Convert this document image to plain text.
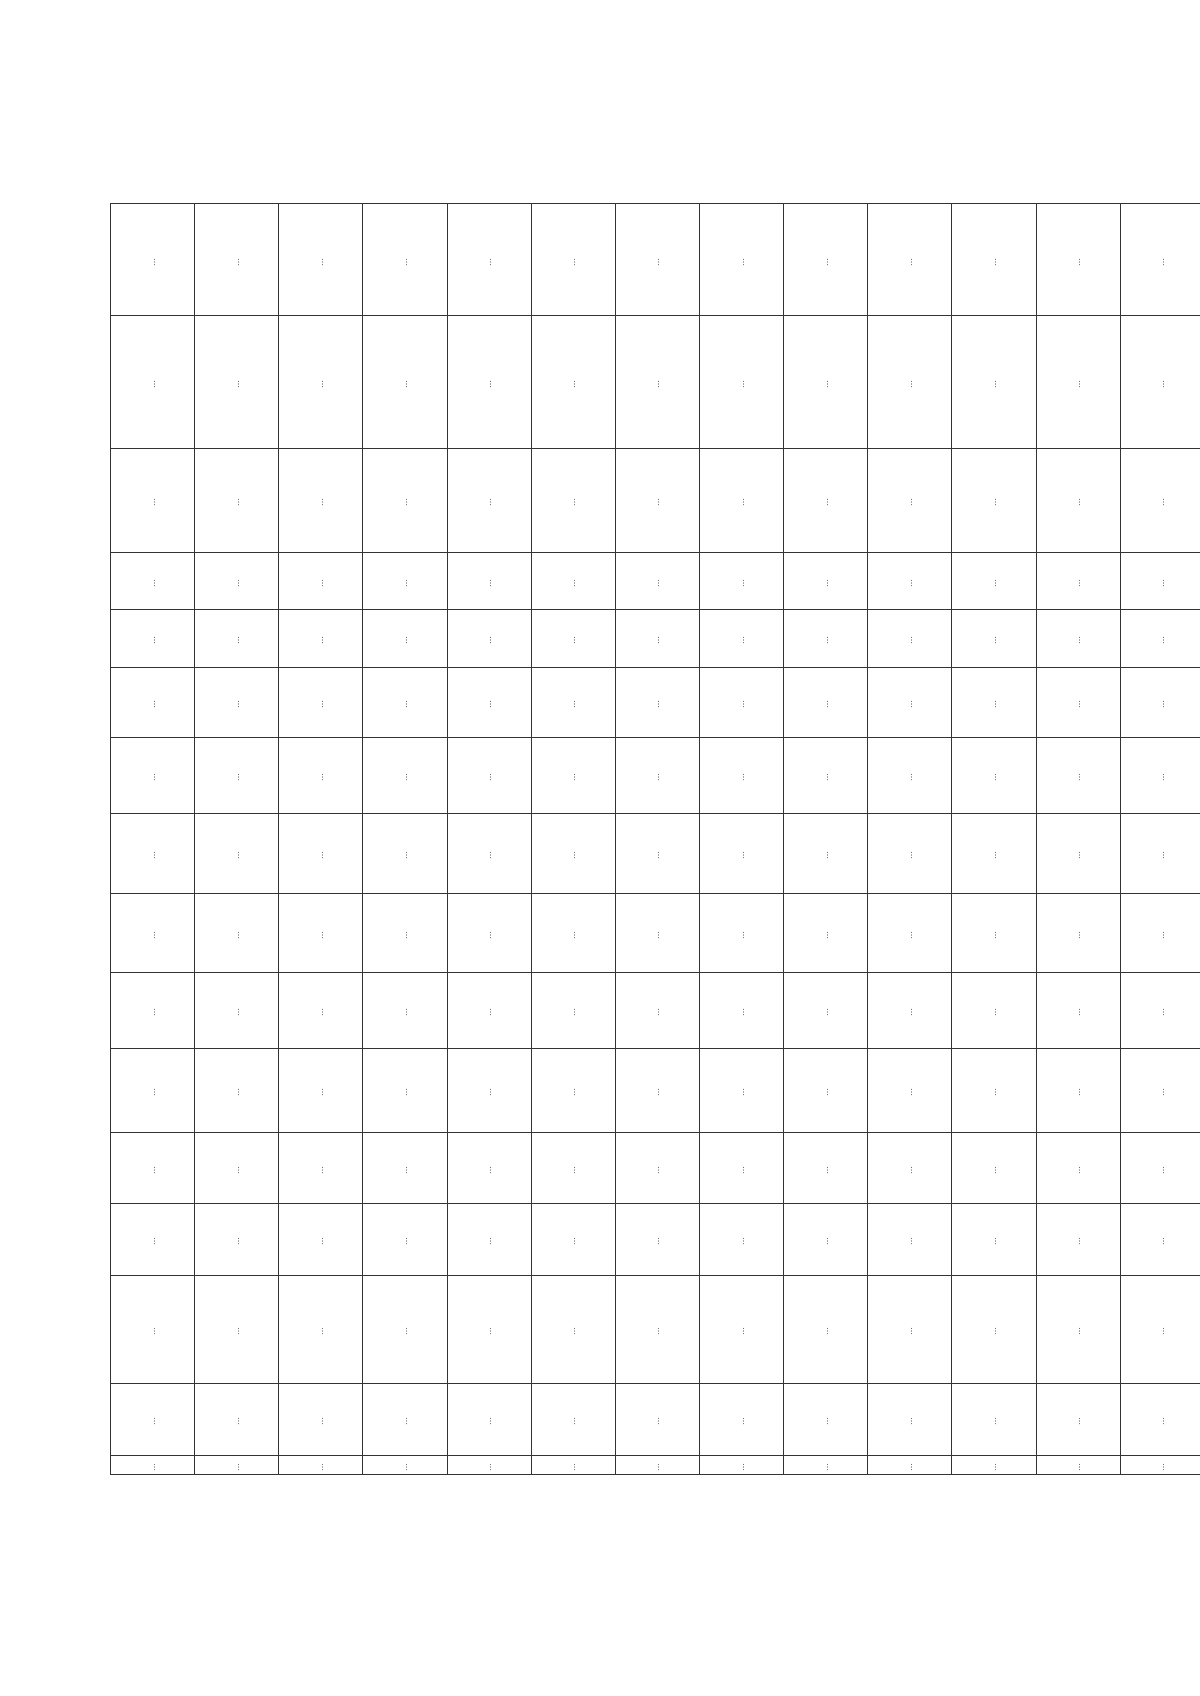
…	…	…	…	…	…	…	…	…	…	…	…	…
…	…	…	…	…	…	…	…	…	…	…	…	…
…	…	…	…	…	…	…	…	…	…	…	…	…
…	…	…	…	…	…	…	…	…	…	…	…	…
…	…	…	…	…	…	…	…	…	…	…	…	…
…	…	…	…	…	…	…	…	…	…	…	…	…
…	…	…	…	…	…	…	…	…	…	…	…	…
…	…	…	…	…	…	…	…	…	…	…	…	…
…	…	…	…	…	…	…	…	…	…	…	…	…
…	…	…	…	…	…	…	…	…	…	…	…	…
…	…	…	…	…	…	…	…	…	…	…	…	…
…	…	…	…	…	…	…	…	…	…	…	…	…
…	…	…	…	…	…	…	…	…	…	…	…	…
…	…	…	…	…	…	…	…	…	…	…	…	…
…	…	…	…	…	…	…	…	…	…	…	…	…
…	…	…	…	…	…	…	…	…	…	…	…	…
